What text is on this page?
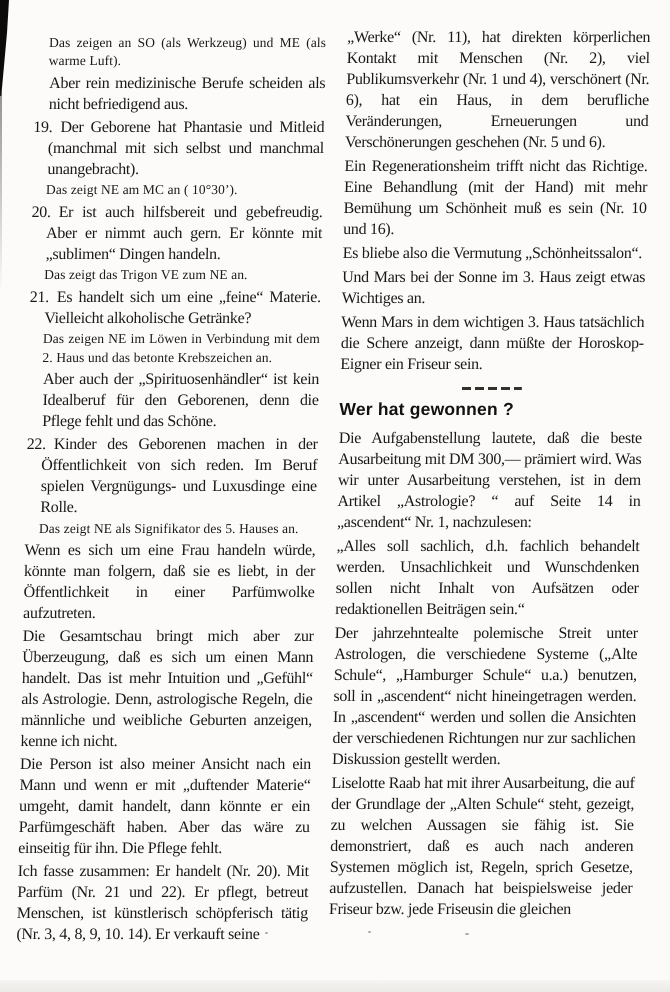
Das zeigen an SO (als Werkzeug) und ME (als warme Luft).

Aber rein medizinische Berufe scheiden als nicht befriedigend aus.

19. Der Geborene hat Phantasie und Mitleid (manchmal mit sich selbst und manchmal unangebracht).

Das zeigt NE am MC an ( 10°30’).

20. Er ist auch hilfsbereit und gebefreudig. Aber er nimmt auch gern. Er könnte mit „sublimen“ Dingen handeln.

Das zeigt das Trigon VE zum NE an.

21. Es handelt sich um eine „feine“ Materie. Vielleicht alkoholische Getränke?

Das zeigen NE im Löwen in Verbindung mit dem 2. Haus und das betonte Krebszeichen an.

Aber auch der „Spirituosenhändler“ ist kein Idealberuf für den Geborenen, denn die Pflege fehlt und das Schöne.

22. Kinder des Geborenen machen in der Öffentlichkeit von sich reden. Im Beruf spielen Vergnügungs- und Luxusdinge eine Rolle.

Das zeigt NE als Signifikator des 5. Hauses an.

Wenn es sich um eine Frau handeln würde, könnte man folgern, daß sie es liebt, in der Öffentlichkeit in einer Parfümwolke aufzutreten.

Die Gesamtschau bringt mich aber zur Überzeugung, daß es sich um einen Mann handelt. Das ist mehr Intuition und „Gefühl“ als Astrologie. Denn, astrologische Regeln, die männliche und weibliche Geburten anzeigen, kenne ich nicht.

Die Person ist also meiner Ansicht nach ein Mann und wenn er mit „duftender Materie“ umgeht, damit handelt, dann könnte er ein Parfümgeschäft haben. Aber das wäre zu einseitig für ihn. Die Pflege fehlt.

Ich fasse zusammen: Er handelt (Nr. 20). Mit Parfüm (Nr. 21 und 22). Er pflegt, betreut Menschen, ist künstlerisch schöpferisch tätig (Nr. 3, 4, 8, 9, 10. 14). Er verkauft seine

„Werke“ (Nr. 11), hat direkten körperlichen Kontakt mit Menschen (Nr. 2), viel Publikumsverkehr (Nr. 1 und 4), verschönert (Nr. 6), hat ein Haus, in dem berufliche Veränderungen, Erneuerungen und Verschönerungen geschehen (Nr. 5 und 6).

Ein Regenerationsheim trifft nicht das Richtige. Eine Behandlung (mit der Hand) mit mehr Bemühung um Schönheit muß es sein (Nr. 10 und 16).

Es bliebe also die Vermutung „Schönheitssalon“.

Und Mars bei der Sonne im 3. Haus zeigt etwas Wichtiges an.

Wenn Mars in dem wichtigen 3. Haus tatsächlich die Schere anzeigt, dann müßte der Horoskop-Eigner ein Friseur sein.

Wer hat gewonnen ?

Die Aufgabenstellung lautete, daß die beste Ausarbeitung mit DM 300,— prämiert wird. Was wir unter Ausarbeitung verstehen, ist in dem Artikel „Astrologie? “ auf Seite 14 in „ascendent“ Nr. 1, nachzulesen:

„Alles soll sachlich, d.h. fachlich behandelt werden. Unsachlichkeit und Wunschdenken sollen nicht Inhalt von Aufsätzen oder redaktionellen Beiträgen sein.“

Der jahrzehntealte polemische Streit unter Astrologen, die verschiedene Systeme („Alte Schule“, „Hamburger Schule“ u.a.) benutzen, soll in „ascendent“ nicht hineingetragen werden. In „ascendent“ werden und sollen die Ansichten der verschiedenen Richtungen nur zur sachlichen Diskussion gestellt werden.

Liselotte Raab hat mit ihrer Ausarbeitung, die auf der Grundlage der „Alten Schule“ steht, gezeigt, zu welchen Aussagen sie fähig ist. Sie demonstriert, daß es auch nach anderen Systemen möglich ist, Regeln, sprich Gesetze, aufzustellen. Danach hat beispielsweise jeder Friseur bzw. jede Friseusin die gleichen
